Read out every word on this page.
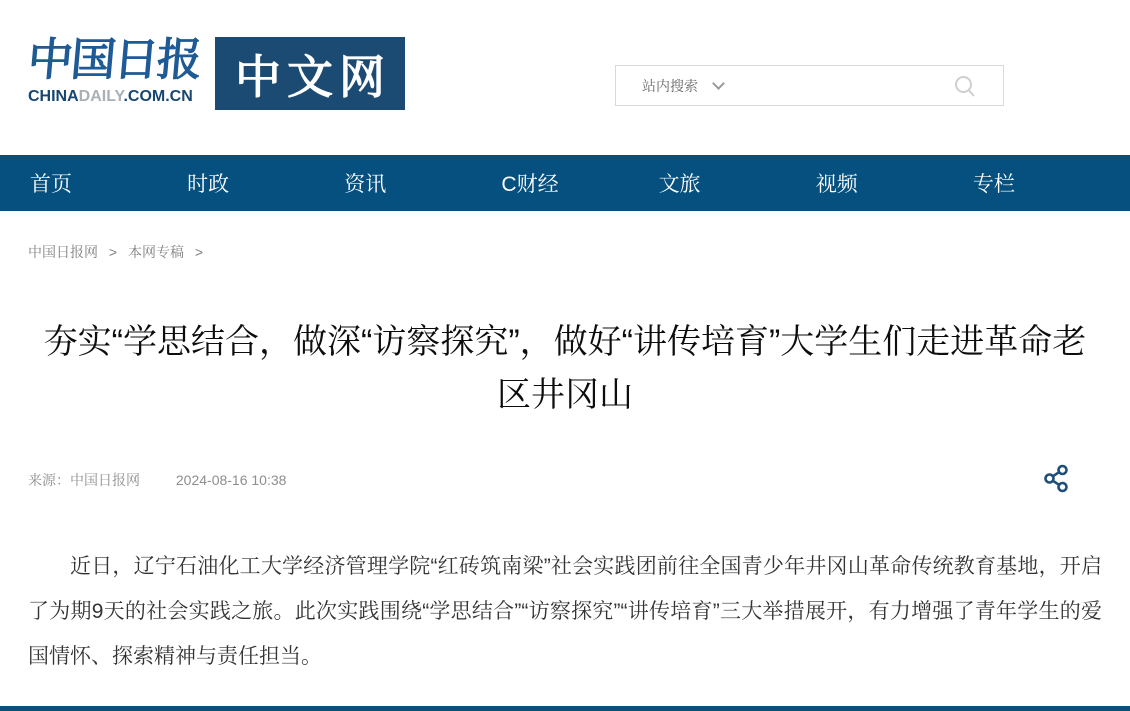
中国日报
CHINADAILY.COM.CN 中文网	站内搜索
首页	时政	资讯	C财经	文旅	视频	专栏
中国日报网 > 本网专稿 >
夯实“学思结合，做深“访察探究”，做好“讲传培育”大学生们走进革命老区井冈山
来源：中国日报网	2024-08-16 10:38

近日，辽宁石油化工大学经济管理学院“红砖筑南梁”社会实践团前往全国青少年井冈山革命传统教育基地，开启了为期9天的社会实践之旅。此次实践围绕“学思结合”“访察探究”“讲传培育”三大举措展开，有力增强了青年学生的爱国情怀、探索精神与责任担当。
